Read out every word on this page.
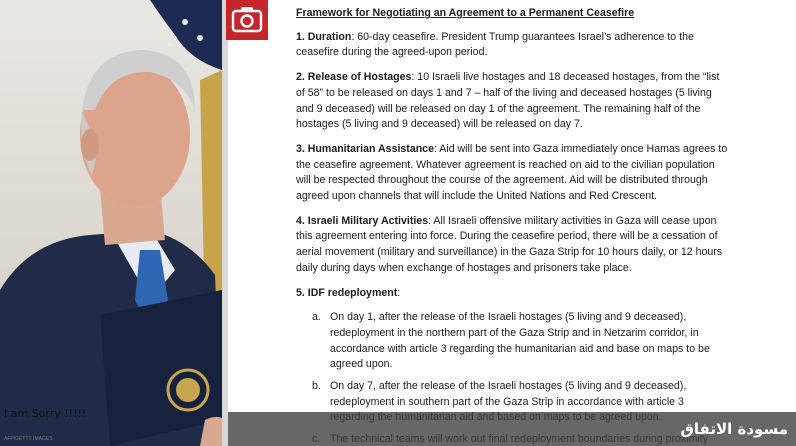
I am Sorry !!!!!
AFP/GETTY IMAGES
Framework for Negotiating an Agreement to a Permanent Ceasefire
1. Duration: 60-day ceasefire. President Trump guarantees Israel’s adherence to the ceasefire during the agreed-upon period.
2. Release of Hostages: 10 Israeli live hostages and 18 deceased hostages, from the “list of 58” to be released on days 1 and 7 – half of the living and deceased hostages (5 living and 9 deceased) will be released on day 1 of the agreement. The remaining half of the hostages (5 living and 9 deceased) will be released on day 7.
3. Humanitarian Assistance: Aid will be sent into Gaza immediately once Hamas agrees to the ceasefire agreement. Whatever agreement is reached on aid to the civilian population will be respected throughout the course of the agreement. Aid will be distributed through agreed upon channels that will include the United Nations and Red Crescent.
4. Israeli Military Activities: All Israeli offensive military activities in Gaza will cease upon this agreement entering into force. During the ceasefire period, there will be a cessation of aerial movement (military and surveillance) in the Gaza Strip for 10 hours daily, or 12 hours daily during days when exchange of hostages and prisoners take place.
5. IDF redeployment:
a. On day 1, after the release of the Israeli hostages (5 living and 9 deceased), redeployment in the northern part of the Gaza Strip and in Netzarim corridor, in accordance with article 3 regarding the humanitarian aid and base on maps to be agreed upon.
b. On day 7, after the release of the Israeli hostages (5 living and 9 deceased), redeployment in southern part of the Gaza Strip in accordance with article 3
مسودة الاتفاق
